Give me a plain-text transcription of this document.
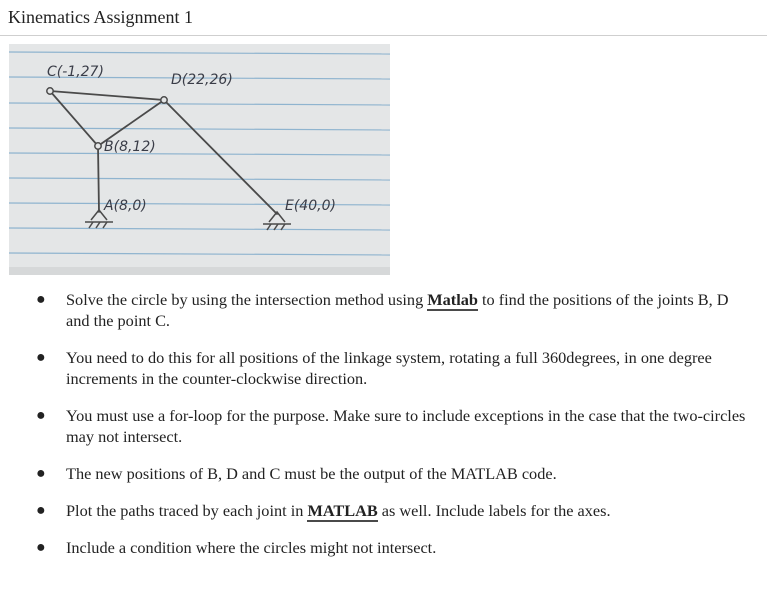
Kinematics Assignment 1
C(-1,27)	D(22,26)
B(8,12)
A(8,0)	E(40,0)
● Solve the circle by using the intersection method using Matlab to find the positions of the joints B, D and the point C.
● You need to do this for all positions of the linkage system, rotating a full 360degrees, in one degree increments in the counter-clockwise direction.
● You must use a for-loop for the purpose. Make sure to include exceptions in the case that the two-circles may not intersect.
● The new positions of B, D and C must be the output of the MATLAB code.
● Plot the paths traced by each joint in MATLAB as well. Include labels for the axes.
● Include a condition where the circles might not intersect.
